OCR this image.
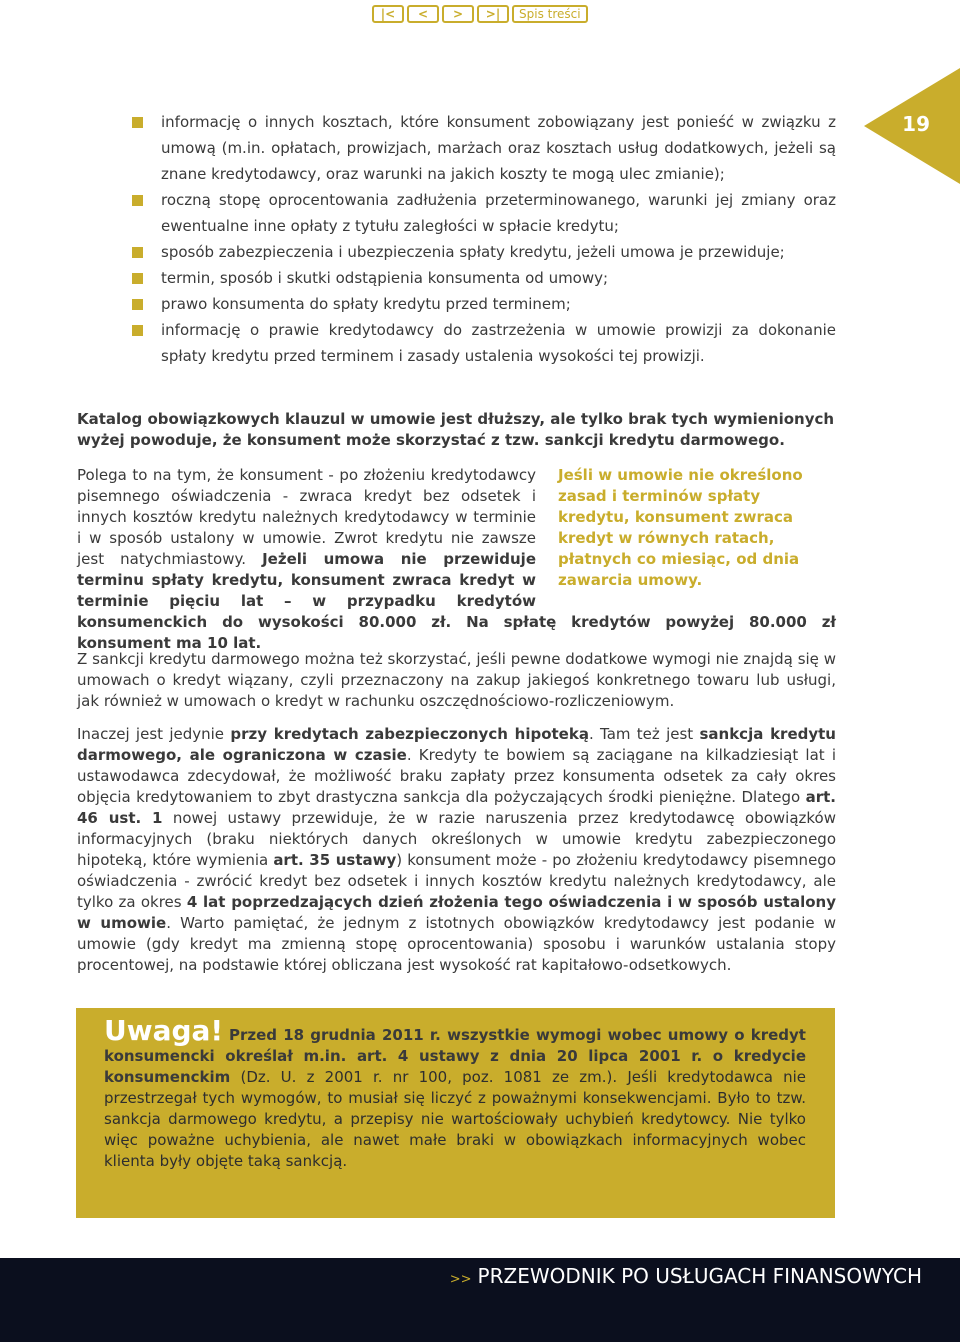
|<	<	>	>|	Spis treści
19
informację o innych kosztach, które konsument zobowiązany jest ponieść w związku z umową (m.in. opłatach, prowizjach, marżach oraz kosztach usług dodatkowych, jeżeli są znane kredytodawcy, oraz warunki na jakich koszty te mogą ulec zmianie);
roczną stopę oprocentowania zadłużenia przeterminowanego, warunki jej zmiany oraz ewentualne inne opłaty z tytułu zaległości w spłacie kredytu;
sposób zabezpieczenia i ubezpieczenia spłaty kredytu, jeżeli umowa je przewiduje;
termin, sposób i skutki odstąpienia konsumenta od umowy;
prawo konsumenta do spłaty kredytu przed terminem;
informację o prawie kredytodawcy do zastrzeżenia w umowie prowizji za dokonanie spłaty kredytu przed terminem i zasady ustalenia wysokości tej prowizji.

Katalog obowiązkowych klauzul w umowie jest dłuższy, ale tylko brak tych wymienionych wyżej powoduje, że konsument może skorzystać z tzw. sankcji kredytu darmowego.

Jeśli w umowie nie określono zasad i terminów spłaty kredytu, konsument zwraca kredyt w równych ratach, płatnych co miesiąc, od dnia zawarcia umowy.
Polega to na tym, że konsument - po złożeniu kredytodawcy pisemnego oświadczenia - zwraca kredyt bez odsetek i innych kosztów kredytu należnych kredytodawcy w terminie i w sposób ustalony w umowie. Zwrot kredytu nie zawsze jest natychmiastowy. Jeżeli umowa nie przewiduje terminu spłaty kredytu, konsument zwraca kredyt w terminie pięciu lat – w przypadku kredytów konsumenckich do wysokości 80.000 zł. Na spłatę kredytów powyżej 80.000 zł konsument ma 10 lat.

Z sankcji kredytu darmowego można też skorzystać, jeśli pewne dodatkowe wymogi nie znajdą się w umowach o kredyt wiązany, czyli przeznaczony na zakup jakiegoś konkretnego towaru lub usługi, jak również w umowach o kredyt w rachunku oszczędnościowo-rozliczeniowym.

Inaczej jest jedynie przy kredytach zabezpieczonych hipoteką. Tam też jest sankcja kredytu darmowego, ale ograniczona w czasie. Kredyty te bowiem są zaciągane na kilkadziesiąt lat i ustawodawca zdecydował, że możliwość braku zapłaty przez konsumenta odsetek za cały okres objęcia kredytowaniem to zbyt drastyczna sankcja dla pożyczających środki pieniężne. Dlatego art. 46 ust. 1 nowej ustawy przewiduje, że w razie naruszenia przez kredytodawcę obowiązków informacyjnych (braku niektórych danych określonych w umowie kredytu zabezpieczonego hipoteką, które wymienia art. 35 ustawy) konsument może - po złożeniu kredytodawcy pisemnego oświadczenia - zwrócić kredyt bez odsetek i innych kosztów kredytu należnych kredytodawcy, ale tylko za okres 4 lat poprzedzających dzień złożenia tego oświadczenia i w sposób ustalony w umowie. Warto pamiętać, że jednym z istotnych obowiązków kredytodawcy jest podanie w umowie (gdy kredyt ma zmienną stopę oprocentowania) sposobu i warunków ustalania stopy procentowej, na podstawie której obliczana jest wysokość rat kapitałowo-odsetkowych.

Uwaga! Przed 18 grudnia 2011 r. wszystkie wymogi wobec umowy o kredyt konsumencki określał m.in. art. 4 ustawy z dnia 20 lipca 2001 r. o kredycie konsumenckim (Dz. U. z 2001 r. nr 100, poz. 1081 ze zm.). Jeśli kredytodawca nie przestrzegał tych wymogów, to musiał się liczyć z poważnymi konsekwencjami. Było to tzw. sankcja darmowego kredytu, a przepisy nie wartościowały uchybień kredytowcy. Nie tylko więc poważne uchybienia, ale nawet małe braki w obowiązkach informacyjnych wobec klienta były objęte taką sankcją.

>> PRZEWODNIK PO USŁUGACH FINANSOWYCH
